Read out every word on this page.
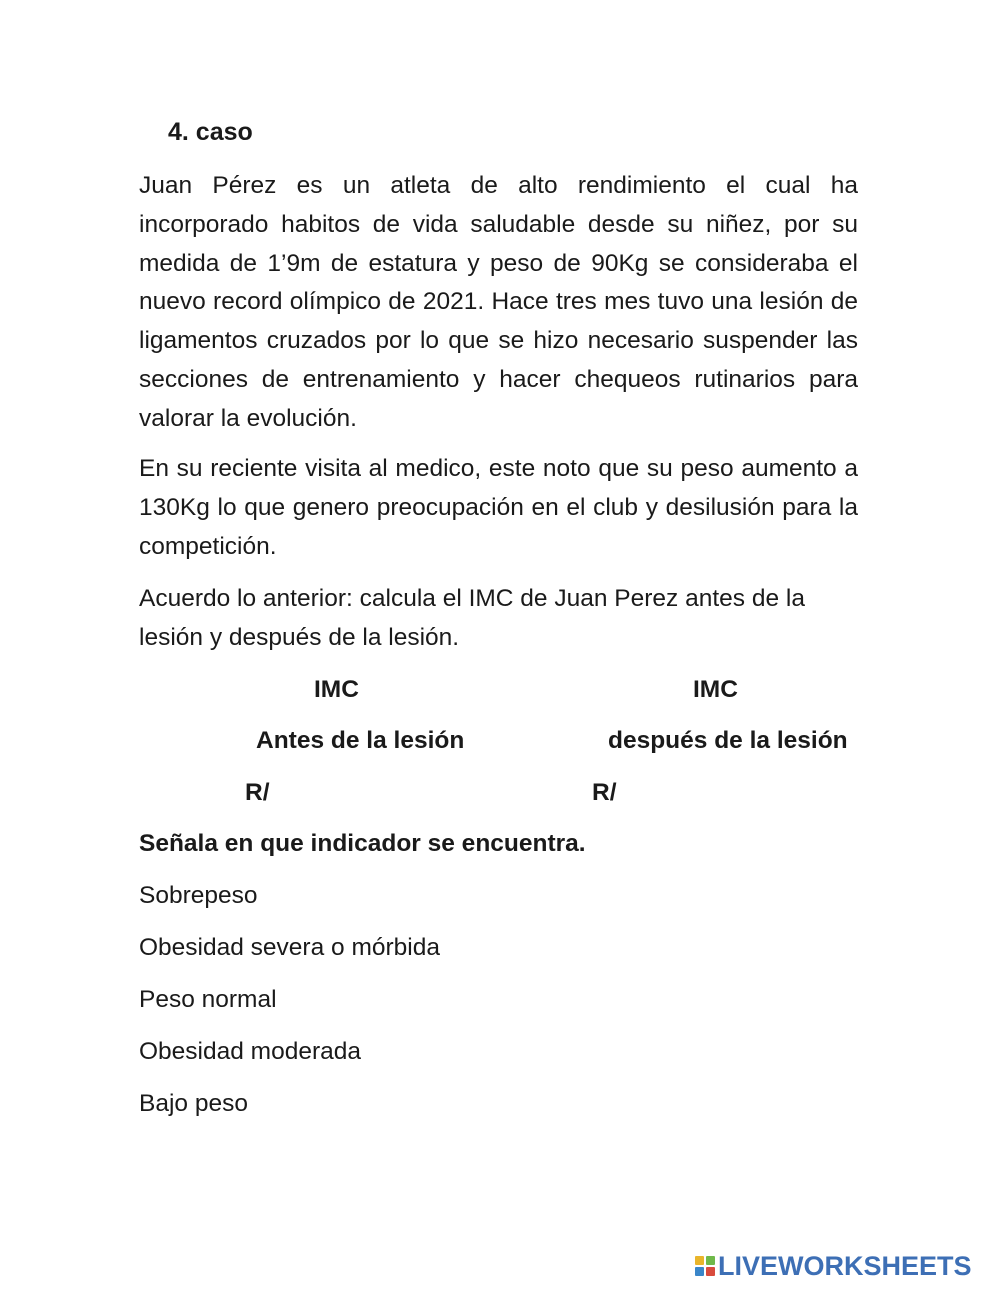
4. caso

Juan Pérez es un atleta de alto rendimiento el cual ha incorporado habitos de vida saludable desde su niñez, por su medida de 1’9m de estatura y peso de 90Kg se consideraba el nuevo record olímpico de 2021. Hace tres mes tuvo una lesión de ligamentos cruzados por lo que se hizo necesario suspender las secciones de entrenamiento y hacer chequeos rutinarios para valorar la evolución.

En su reciente visita al medico, este noto que su peso aumento a 130Kg lo que genero preocupación en el club y desilusión para la competición.

Acuerdo lo anterior: calcula el IMC de Juan Perez antes de la lesión y después de la lesión.

IMC
Antes de la lesión
R/
IMC
después de la lesión
R/
Señala en que indicador se encuentra.
Sobrepeso
Obesidad severa o mórbida
Peso normal
Obesidad moderada
Bajo peso
LIVEWORKSHEETS
